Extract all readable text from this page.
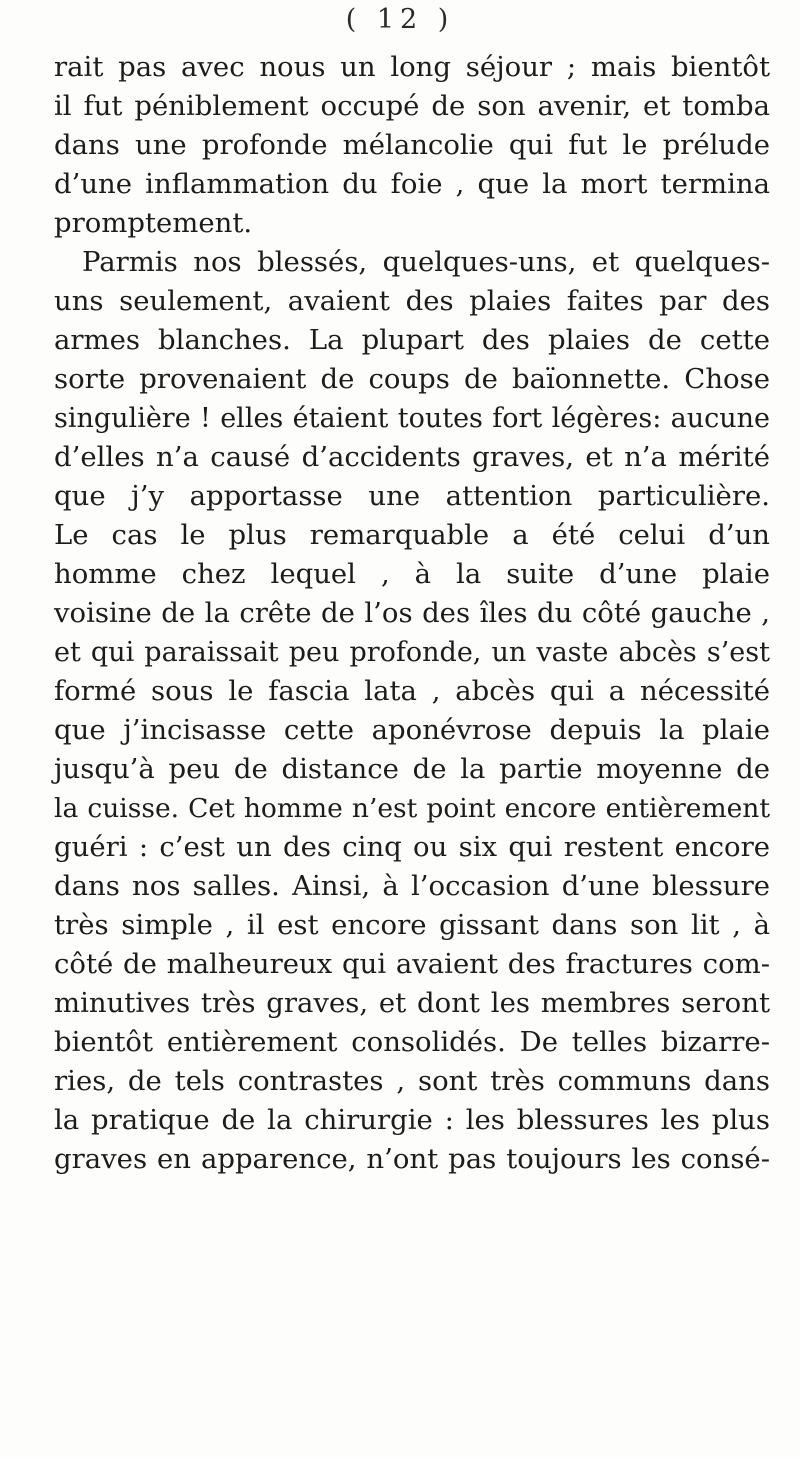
( 12 )
rait pas avec nous un long séjour ; mais bientôt
il fut péniblement occupé de son avenir, et tomba
dans une profonde mélancolie qui fut le prélude
d’une inflammation du foie , que la mort termina
promptement.
Parmis nos blessés, quelques-uns, et quelques-
uns seulement, avaient des plaies faites par des
armes blanches. La plupart des plaies de cette
sorte provenaient de coups de baïonnette. Chose
singulière ! elles étaient toutes fort légères: aucune
d’elles n’a causé d’accidents graves, et n’a mérité
que j’y apportasse une attention particulière.
Le cas le plus remarquable a été celui d’un
homme chez lequel , à la suite d’une plaie
voisine de la crête de l’os des îles du côté gauche ,
et qui paraissait peu profonde, un vaste abcès s’est
formé sous le fascia lata , abcès qui a nécessité
que j’incisasse cette aponévrose depuis la plaie
jusqu’à peu de distance de la partie moyenne de
la cuisse. Cet homme n’est point encore entièrement
guéri : c’est un des cinq ou six qui restent encore
dans nos salles. Ainsi, à l’occasion d’une blessure
très simple , il est encore gissant dans son lit , à
côté de malheureux qui avaient des fractures com-
minutives très graves, et dont les membres seront
bientôt entièrement consolidés. De telles bizarre-
ries, de tels contrastes , sont très communs dans
la pratique de la chirurgie : les blessures les plus
graves en apparence, n’ont pas toujours les consé-
